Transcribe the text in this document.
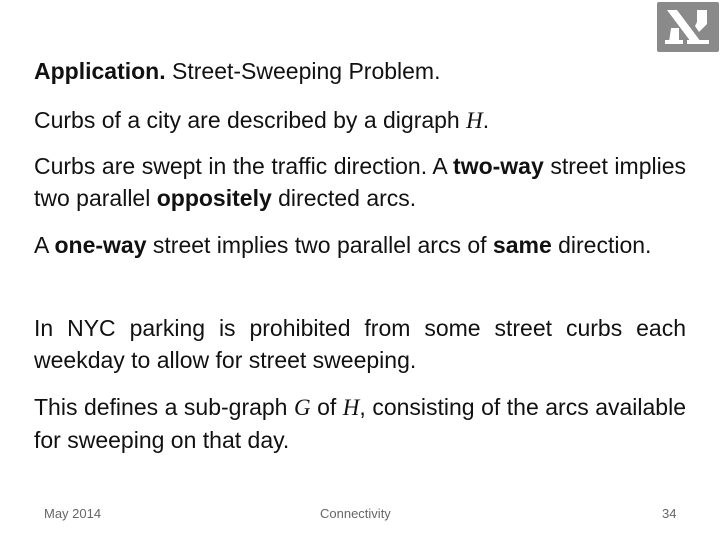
Application. Street-Sweeping Problem.
Curbs of a city are described by a digraph H.
Curbs are swept in the traffic direction. A two-way street implies two parallel oppositely directed arcs.
A one-way street implies two parallel arcs of same direction.
In NYC parking is prohibited from some street curbs each weekday to allow for street sweeping.
This defines a sub-graph G of H, consisting of the arcs available for sweeping on that day.
May 2014	Connectivity	34
